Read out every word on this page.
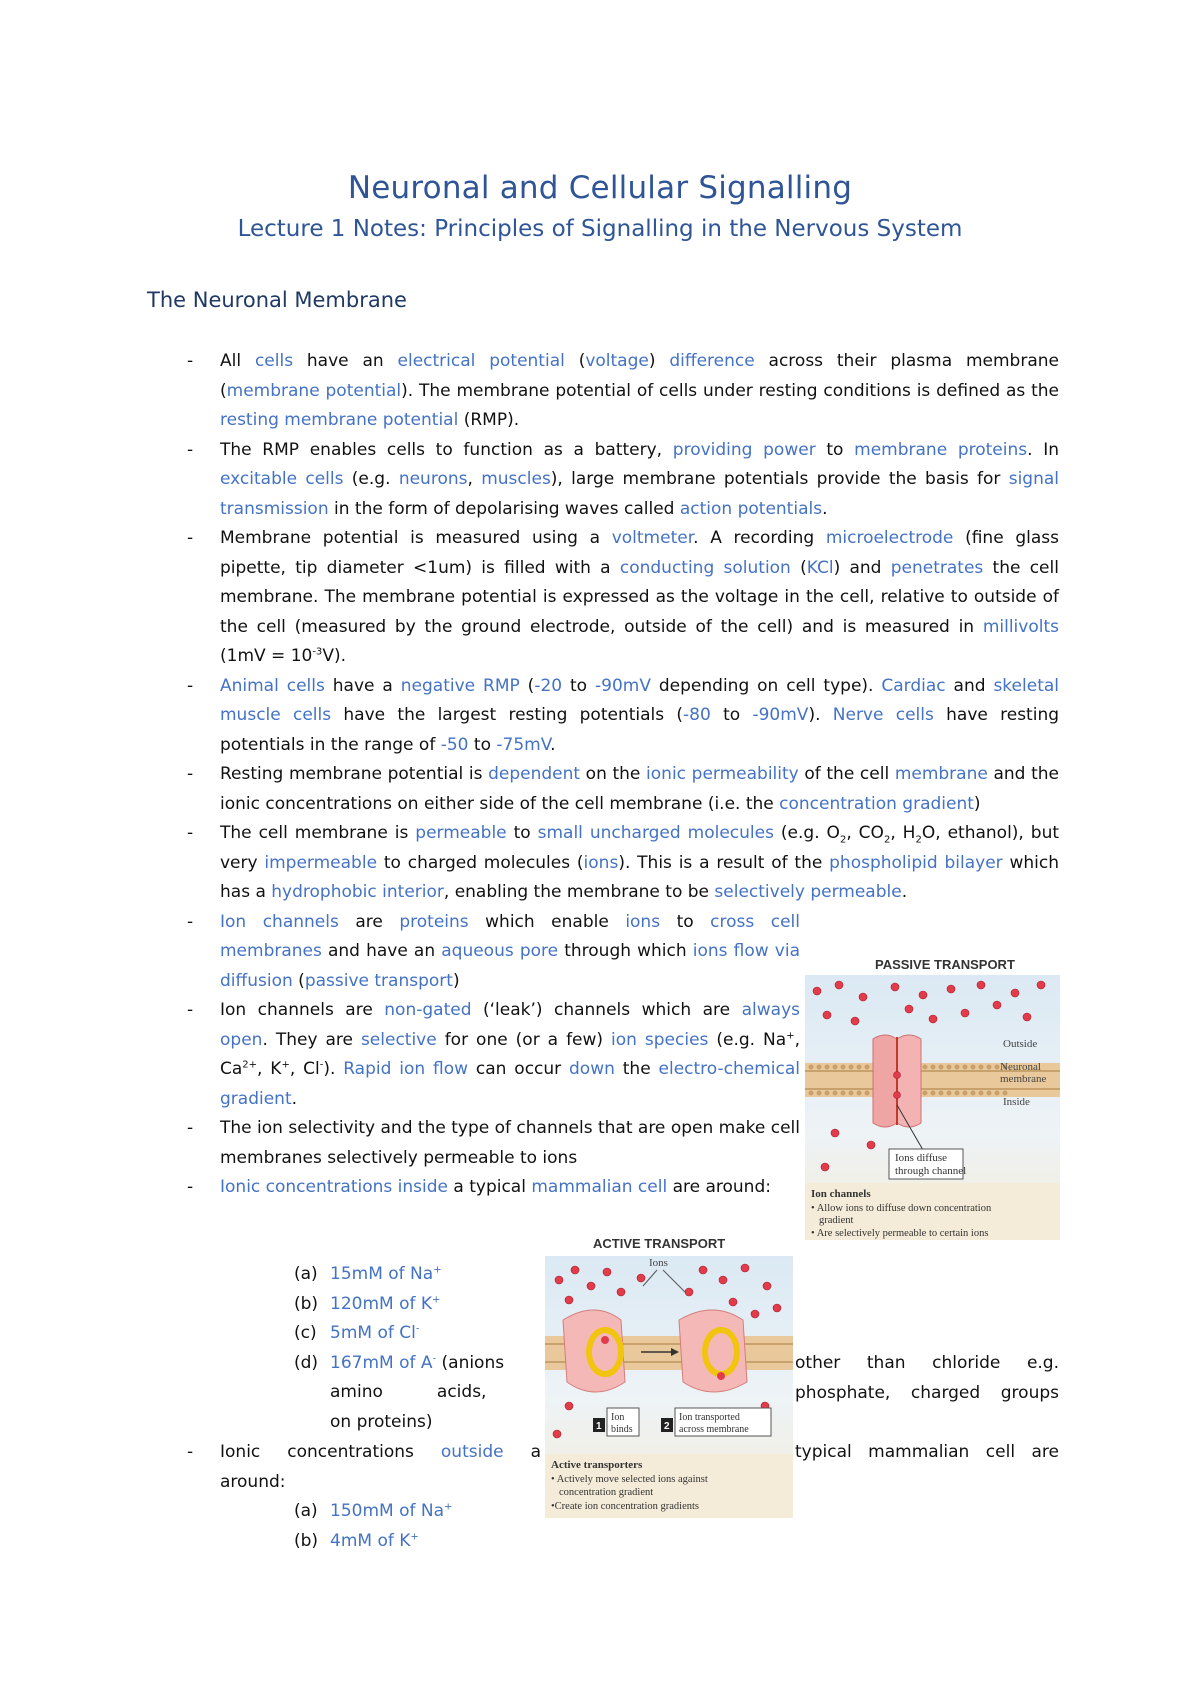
Neuronal and Cellular Signalling
Lecture 1 Notes: Principles of Signalling in the Nervous System
The Neuronal Membrane
- All cells have an electrical potential (voltage) difference across their plasma membrane (membrane potential). The membrane potential of cells under resting conditions is defined as the resting membrane potential (RMP).
- The RMP enables cells to function as a battery, providing power to membrane proteins. In excitable cells (e.g. neurons, muscles), large membrane potentials provide the basis for signal transmission in the form of depolarising waves called action potentials.
- Membrane potential is measured using a voltmeter. A recording microelectrode (fine glass pipette, tip diameter <1um) is filled with a conducting solution (KCl) and penetrates the cell membrane. The membrane potential is expressed as the voltage in the cell, relative to outside of the cell (measured by the ground electrode, outside of the cell) and is measured in millivolts $(1mV = 10^{-3}V)$.
- Animal cells have a negative RMP (-20 to -90mV depending on cell type). Cardiac and skeletal muscle cells have the largest resting potentials (-80 to -90mV). Nerve cells have resting potentials in the range of -50 to -75mV.
- Resting membrane potential is dependent on the ionic permeability of the cell membrane and the ionic concentrations on either side of the cell membrane (i.e. the concentration gradient)
- The cell membrane is permeable to small uncharged molecules (e.g. $O_2$, $CO_2$, $H_2O$, ethanol), but very impermeable to charged molecules (ions). This is a result of the phospholipid bilayer which has a hydrophobic interior, enabling the membrane to be selectively permeable.
- Ion channels are proteins which enable ions to cross cell membranes and have an aqueous pore through which ions flow via diffusion (passive transport)
- Ion channels are non-gated (‘leak’) channels which are always open. They are selective for one (or a few) ion species (e.g. Na+, $Ca^{2+}$, K+, Cl-). Rapid ion flow can occur down the electro-chemical gradient.
- The ion selectivity and the type of channels that are open make cell membranes selectively permeable to ions
- Ionic concentrations inside a typical mammalian cell are around:
(a) 15mM of Na+
(b) 120mM of K+
(c) 5mM of Cl-
(d) 167mM of A- (anions
amino          acids,
on proteins)
other  than  chloride  e.g.
phosphate, charged groups
- Ionic     concentrations     outside     a	typical  mammalian  cell  are
around:
(a) 150mM of Na+
(b) 4mM of K+
PASSIVE TRANSPORT
Ions diffuse
through channel
Outside
Neuronal
membrane
Inside
Ion channels
• Allow ions to diffuse down concentration
gradient
• Are selectively permeable to certain ions
ACTIVE TRANSPORT
Ions
1
Ion
binds	2
Ion transported
across membrane
Active transporters
• Actively move selected ions against
concentration gradient
•Create ion concentration gradients
